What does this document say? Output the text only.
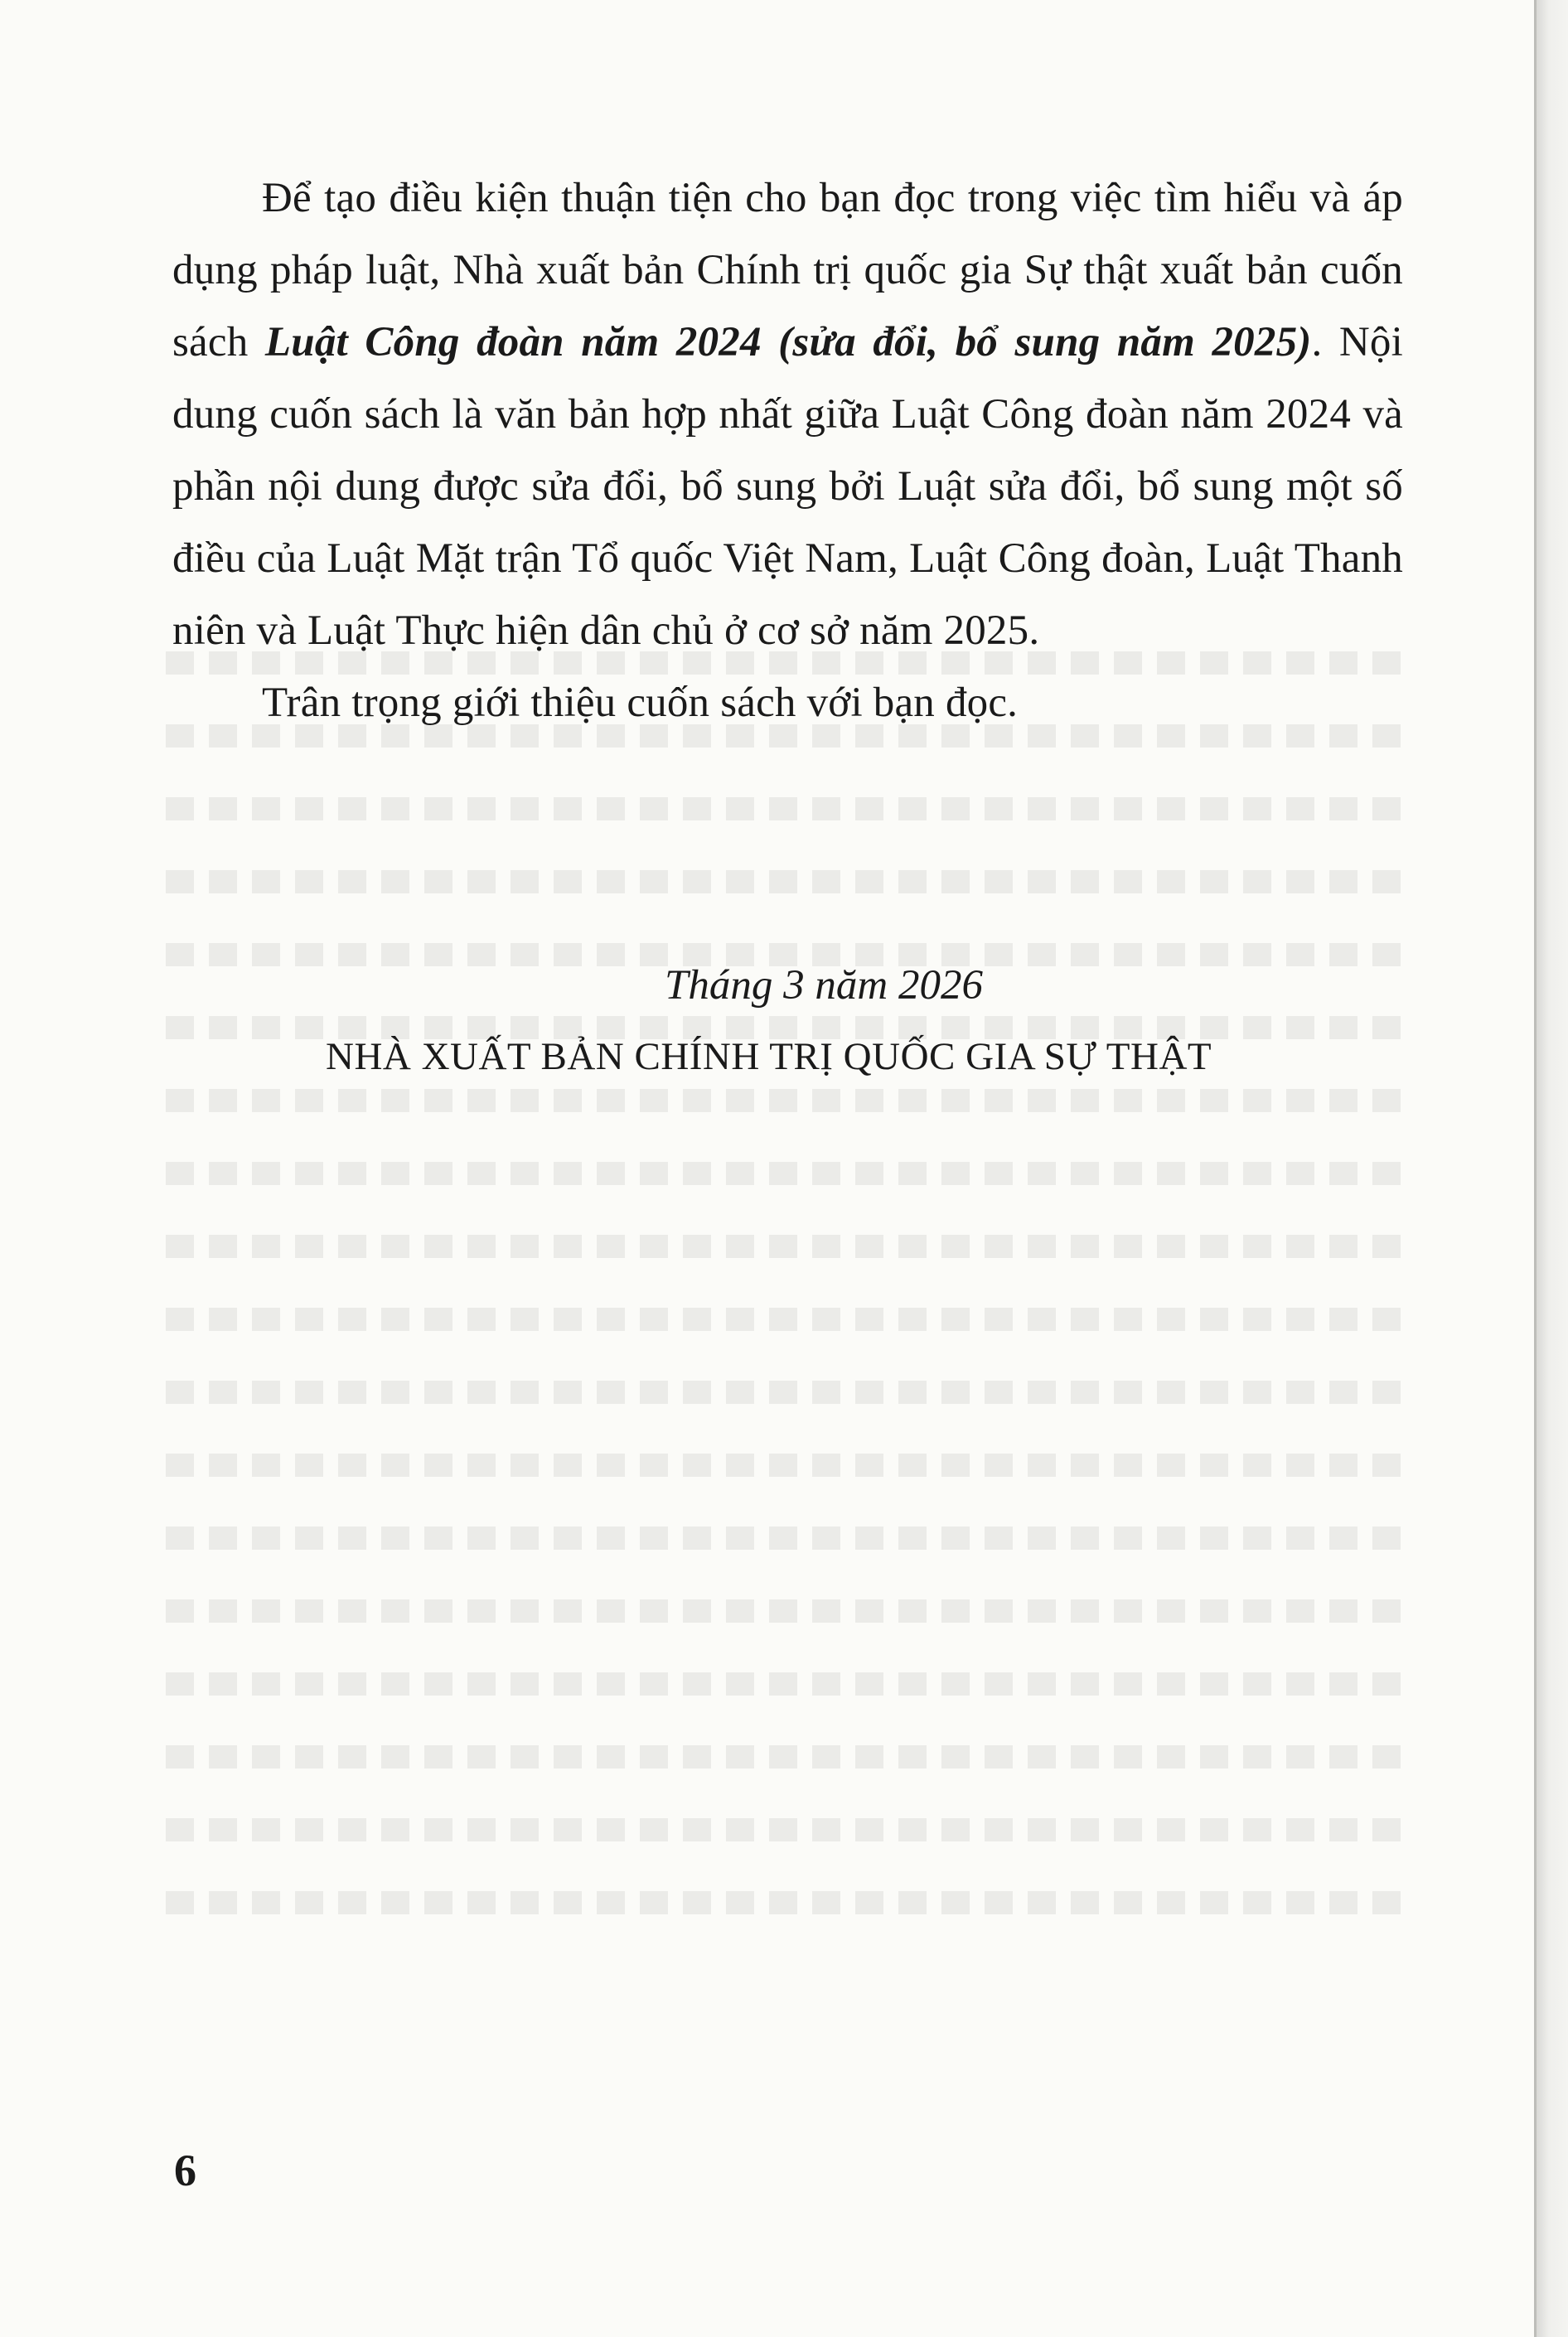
Để tạo điều kiện thuận tiện cho bạn đọc trong việc tìm hiểu và áp dụng pháp luật, Nhà xuất bản Chính trị quốc gia Sự thật xuất bản cuốn sách Luật Công đoàn năm 2024 (sửa đổi, bổ sung năm 2025). Nội dung cuốn sách là văn bản hợp nhất giữa Luật Công đoàn năm 2024 và phần nội dung được sửa đổi, bổ sung bởi Luật sửa đổi, bổ sung một số điều của Luật Mặt trận Tổ quốc Việt Nam, Luật Công đoàn, Luật Thanh niên và Luật Thực hiện dân chủ ở cơ sở năm 2025.

Trân trọng giới thiệu cuốn sách với bạn đọc.

Tháng 3 năm 2026
NHÀ XUẤT BẢN CHÍNH TRỊ QUỐC GIA SỰ THẬT
6
